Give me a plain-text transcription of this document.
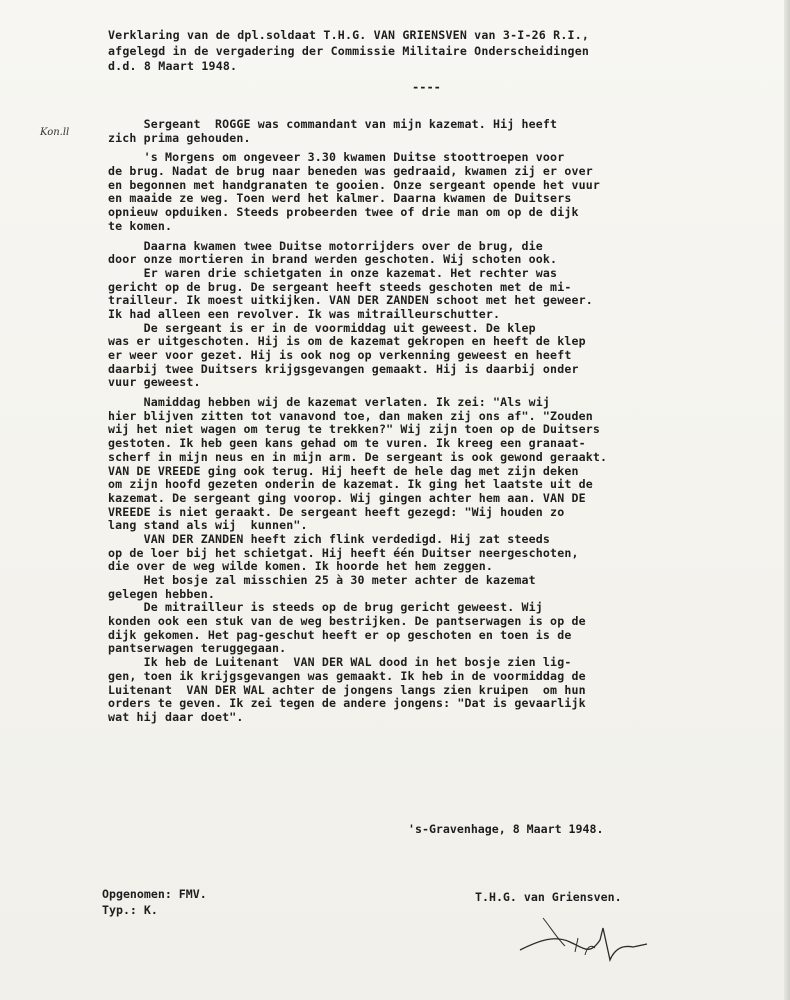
Verklaring van de dpl.soldaat T.H.G. VAN GRIENSVEN van 3-I-26 R.I.,
afgelegd in de vergadering der Commissie Militaire Onderscheidingen
d.d. 8 Maart 1948.
----
Kon.ll
Sergeant  ROGGE was commandant van mijn kazemat. Hij heeft
zich prima gehouden.
's Morgens om ongeveer 3.30 kwamen Duitse stoottroepen voor
de brug. Nadat de brug naar beneden was gedraaid, kwamen zij er over
en begonnen met handgranaten te gooien. Onze sergeant opende het vuur
en maaide ze weg. Toen werd het kalmer. Daarna kwamen de Duitsers
opnieuw opduiken. Steeds probeerden twee of drie man om op de dijk
te komen.
Daarna kwamen twee Duitse motorrijders over de brug, die
door onze mortieren in brand werden geschoten. Wij schoten ook.
Er waren drie schietgaten in onze kazemat. Het rechter was
gericht op de brug. De sergeant heeft steeds geschoten met de mi-
trailleur. Ik moest uitkijken. VAN DER ZANDEN schoot met het geweer.
Ik had alleen een revolver. Ik was mitrailleurschutter.
De sergeant is er in de voormiddag uit geweest. De klep
was er uitgeschoten. Hij is om de kazemat gekropen en heeft de klep
er weer voor gezet. Hij is ook nog op verkenning geweest en heeft
daarbij twee Duitsers krijgsgevangen gemaakt. Hij is daarbij onder
vuur geweest.
Namiddag hebben wij de kazemat verlaten. Ik zei: "Als wij
hier blijven zitten tot vanavond toe, dan maken zij ons af". "Zouden
wij het niet wagen om terug te trekken?" Wij zijn toen op de Duitsers
gestoten. Ik heb geen kans gehad om te vuren. Ik kreeg een granaat-
scherf in mijn neus en in mijn arm. De sergeant is ook gewond geraakt.
VAN DE VREEDE ging ook terug. Hij heeft de hele dag met zijn deken
om zijn hoofd gezeten onderin de kazemat. Ik ging het laatste uit de
kazemat. De sergeant ging voorop. Wij gingen achter hem aan. VAN DE
VREEDE is niet geraakt. De sergeant heeft gezegd: "Wij houden zo
lang stand als wij  kunnen".
VAN DER ZANDEN heeft zich flink verdedigd. Hij zat steeds
op de loer bij het schietgat. Hij heeft één Duitser neergeschoten,
die over de weg wilde komen. Ik hoorde het hem zeggen.
Het bosje zal misschien 25 à 30 meter achter de kazemat
gelegen hebben.
De mitrailleur is steeds op de brug gericht geweest. Wij
konden ook een stuk van de weg bestrijken. De pantserwagen is op de
dijk gekomen. Het pag-geschut heeft er op geschoten en toen is de
pantserwagen teruggegaan.
Ik heb de Luitenant  VAN DER WAL dood in het bosje zien lig-
gen, toen ik krijgsgevangen was gemaakt. Ik heb in de voormiddag de
Luitenant  VAN DER WAL achter de jongens langs zien kruipen  om hun
orders te geven. Ik zei tegen de andere jongens: "Dat is gevaarlijk
wat hij daar doet".
's-Gravenhage, 8 Maart 1948.
Opgenomen: FMV.
Typ.: K.
T.H.G. van Griensven.
